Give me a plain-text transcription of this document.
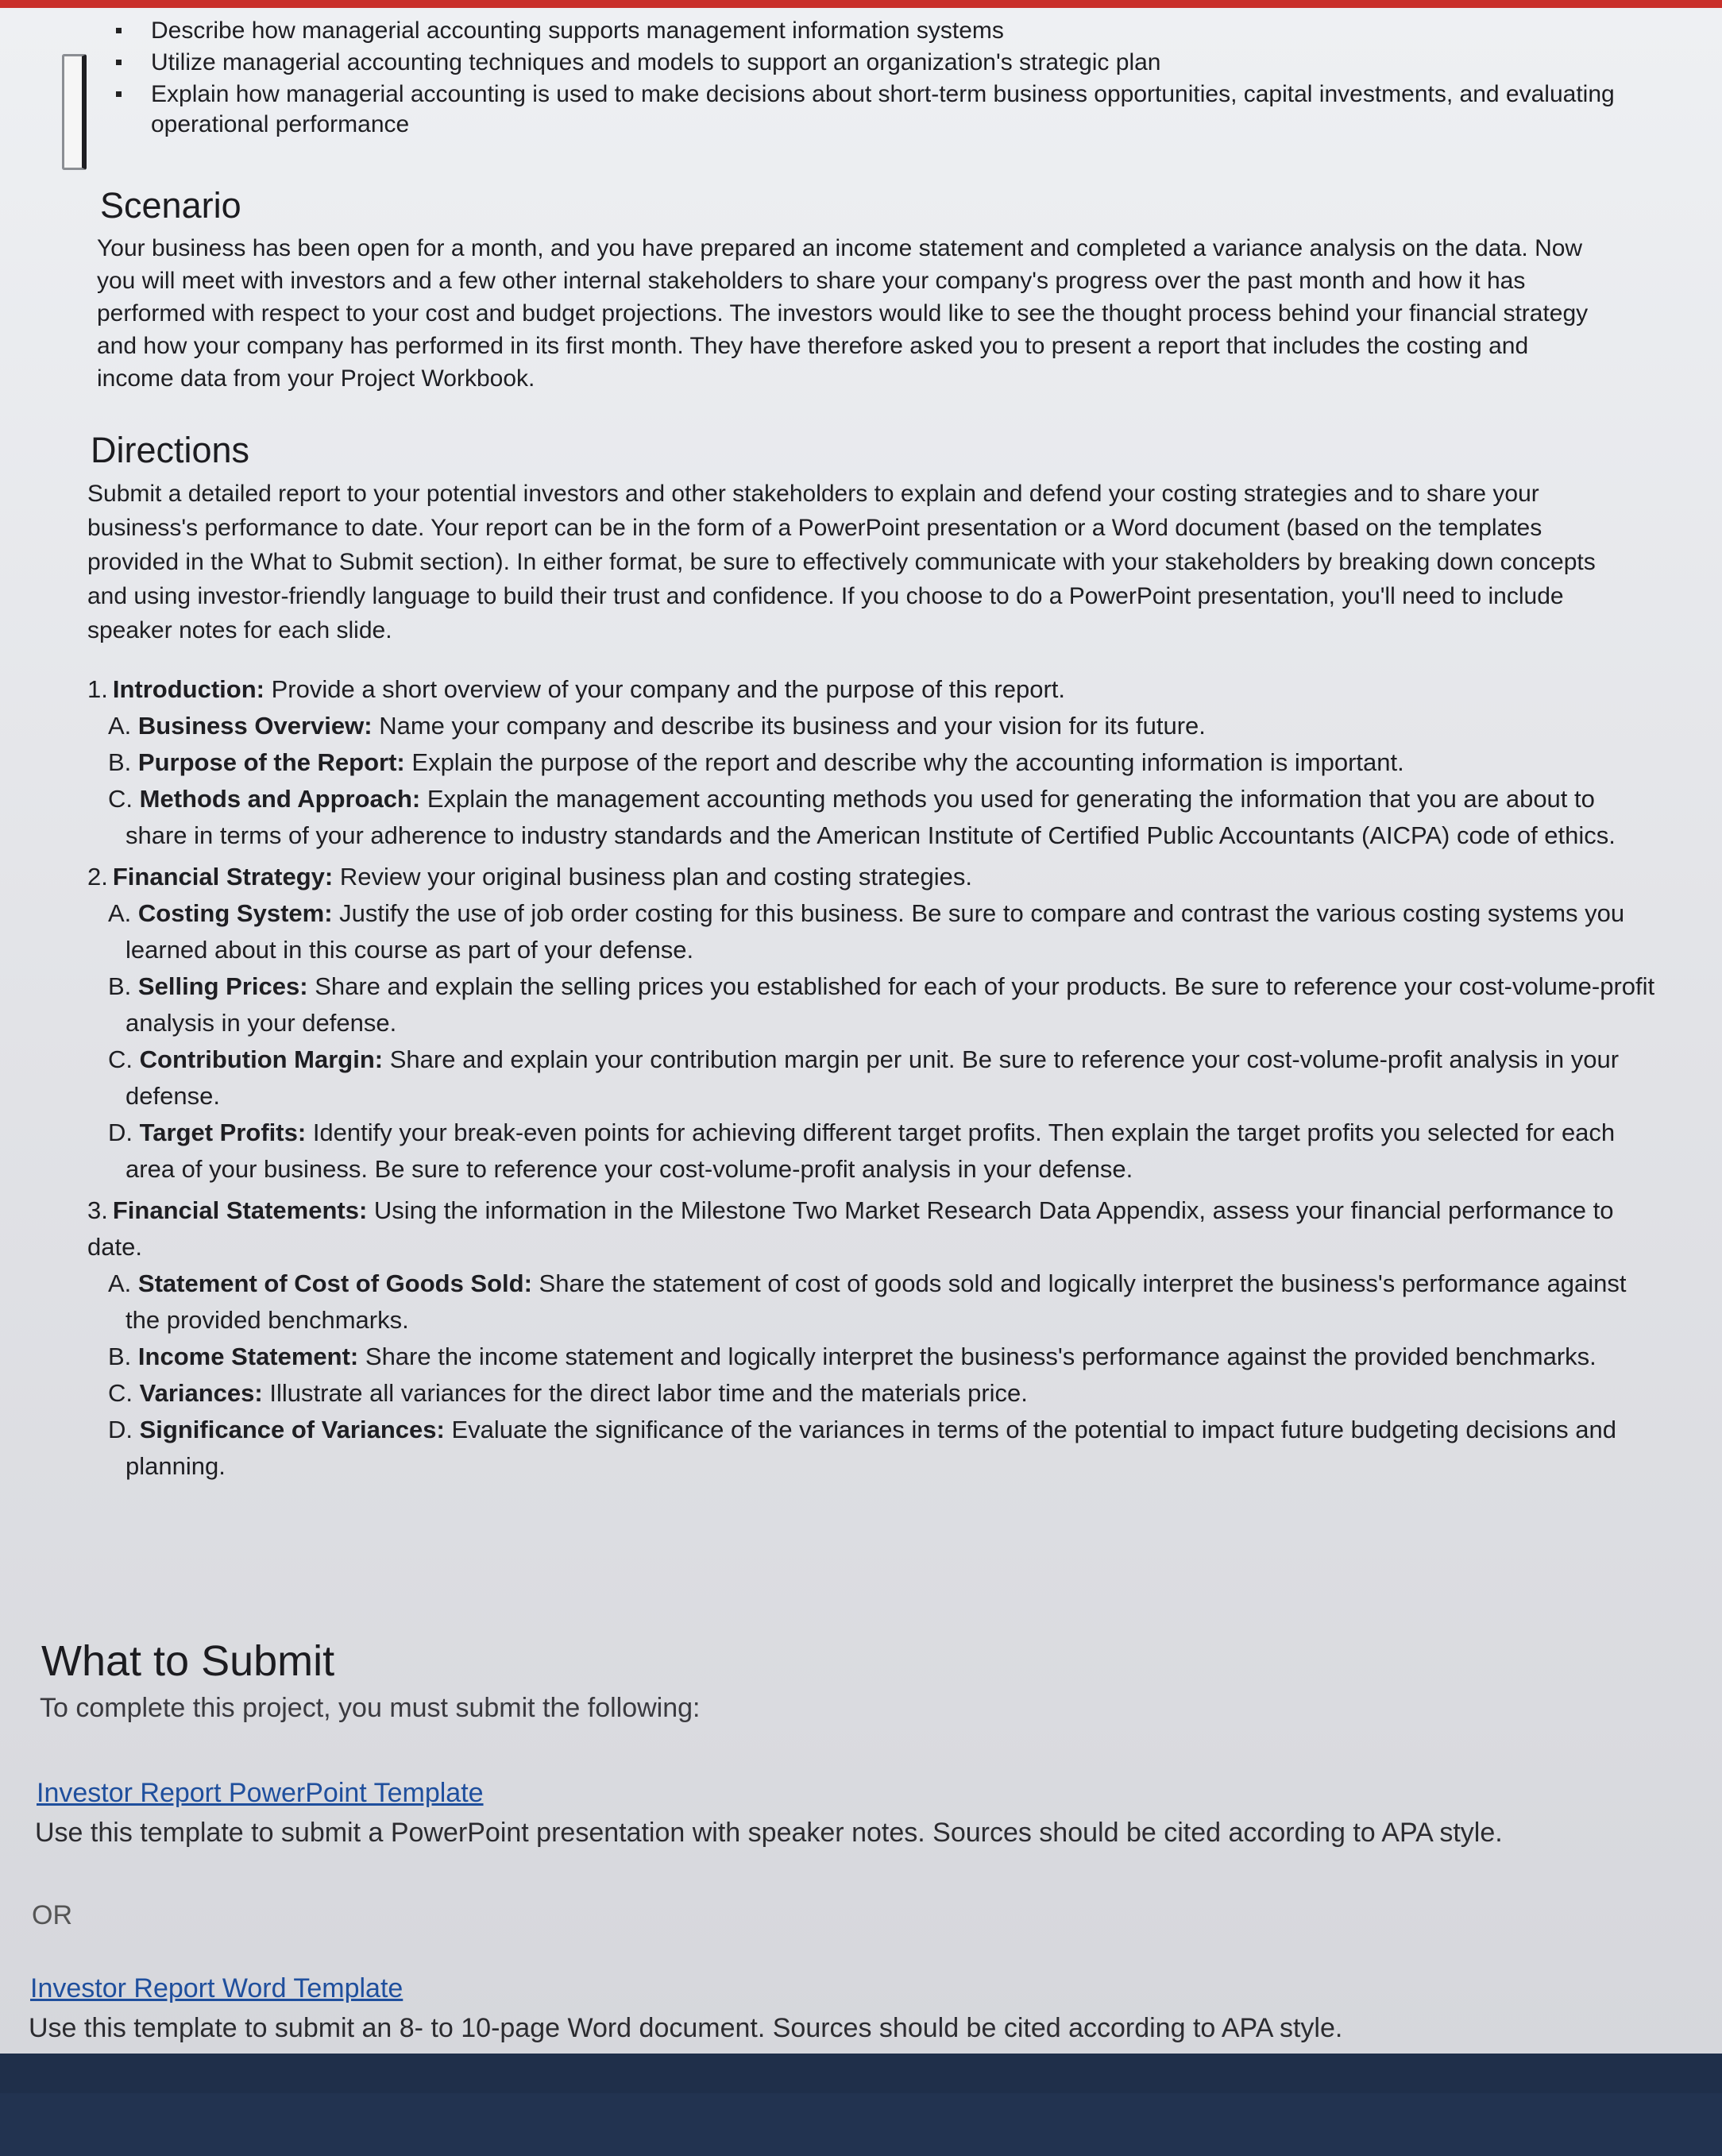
Describe how managerial accounting supports management information systems
Utilize managerial accounting techniques and models to support an organization's strategic plan
Explain how managerial accounting is used to make decisions about short-term business opportunities, capital investments, and evaluating operational performance
Scenario

Your business has been open for a month, and you have prepared an income statement and completed a variance analysis on the data. Now you will meet with investors and a few other internal stakeholders to share your company's progress over the past month and how it has performed with respect to your cost and budget projections. The investors would like to see the thought process behind your financial strategy and how your company has performed in its first month. They have therefore asked you to present a report that includes the costing and income data from your Project Workbook.

Directions

Submit a detailed report to your potential investors and other stakeholders to explain and defend your costing strategies and to share your business's performance to date. Your report can be in the form of a PowerPoint presentation or a Word document (based on the templates provided in the What to Submit section). In either format, be sure to effectively communicate with your stakeholders by breaking down concepts and using investor-friendly language to build their trust and confidence. If you choose to do a PowerPoint presentation, you'll need to include speaker notes for each slide.

1. Introduction: Provide a short overview of your company and the purpose of this report.
A. Business Overview: Name your company and describe its business and your vision for its future.
B. Purpose of the Report: Explain the purpose of the report and describe why the accounting information is important.
C. Methods and Approach: Explain the management accounting methods you used for generating the information that you are about to share in terms of your adherence to industry standards and the American Institute of Certified Public Accountants (AICPA) code of ethics.
2. Financial Strategy: Review your original business plan and costing strategies.
A. Costing System: Justify the use of job order costing for this business. Be sure to compare and contrast the various costing systems you learned about in this course as part of your defense.
B. Selling Prices: Share and explain the selling prices you established for each of your products. Be sure to reference your cost-volume-profit analysis in your defense.
C. Contribution Margin: Share and explain your contribution margin per unit. Be sure to reference your cost-volume-profit analysis in your defense.
D. Target Profits: Identify your break-even points for achieving different target profits. Then explain the target profits you selected for each area of your business. Be sure to reference your cost-volume-profit analysis in your defense.
3. Financial Statements: Using the information in the Milestone Two Market Research Data Appendix, assess your financial performance to date.
A. Statement of Cost of Goods Sold: Share the statement of cost of goods sold and logically interpret the business's performance against the provided benchmarks.
B. Income Statement: Share the income statement and logically interpret the business's performance against the provided benchmarks.
C. Variances: Illustrate all variances for the direct labor time and the materials price.
D. Significance of Variances: Evaluate the significance of the variances in terms of the potential to impact future budgeting decisions and planning.
What to Submit

To complete this project, you must submit the following:

Investor Report PowerPoint Template

Use this template to submit a PowerPoint presentation with speaker notes. Sources should be cited according to APA style.

OR

Investor Report Word Template

Use this template to submit an 8- to 10-page Word document. Sources should be cited according to APA style.
